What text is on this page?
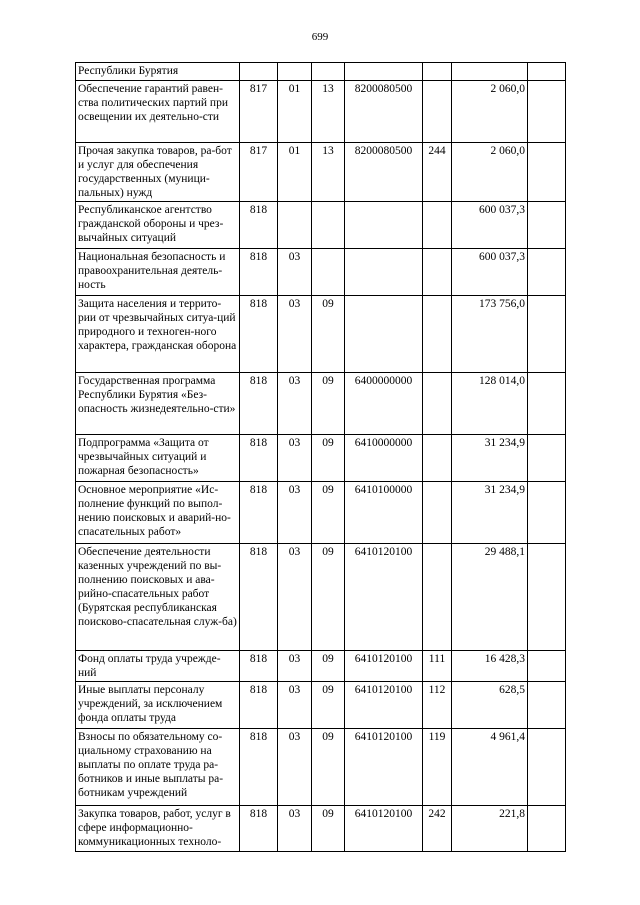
699
Республики Бурятия							
Обеспечение гарантий равен-ства политических партий при освещении их деятельно-сти	817	01	13	8200080500		2 060,0	
Прочая закупка товаров, ра-бот и услуг для обеспечения государственных (муници-пальных) нужд	817	01	13	8200080500	244	2 060,0	
Республиканское агентство гражданской обороны и чрез-вычайных ситуаций	818					600 037,3	
Национальная безопасность и правоохранительная деятель-ность	818	03				600 037,3	
Защита населения и террито-рии от чрезвычайных ситуа-ций природного и техноген-ного характера, гражданская оборона	818	03	09			173 756,0	
Государственная программа Республики Бурятия «Без-опасность жизнедеятельно-сти»	818	03	09	6400000000		128 014,0	
Подпрограмма «Защита от чрезвычайных ситуаций и пожарная безопасность»	818	03	09	6410000000		31 234,9	
Основное мероприятие «Ис-полнение функций по выпол-нению поисковых и аварий-но-спасательных работ»	818	03	09	6410100000		31 234,9	
Обеспечение деятельности казенных учреждений по вы-полнению поисковых и ава-рийно-спасательных работ (Бурятская республиканская поисково-спасательная служ-ба)	818	03	09	6410120100		29 488,1	
Фонд оплаты труда учрежде-ний	818	03	09	6410120100	111	16 428,3	
Иные выплаты персоналу учреждений, за исключением фонда оплаты труда	818	03	09	6410120100	112	628,5	
Взносы по обязательному со-циальному страхованию на выплаты по оплате труда ра-ботников и иные выплаты ра-ботникам учреждений	818	03	09	6410120100	119	4 961,4	
Закупка товаров, работ, услуг в сфере информационно-коммуникационных техноло-	818	03	09	6410120100	242	221,8	
